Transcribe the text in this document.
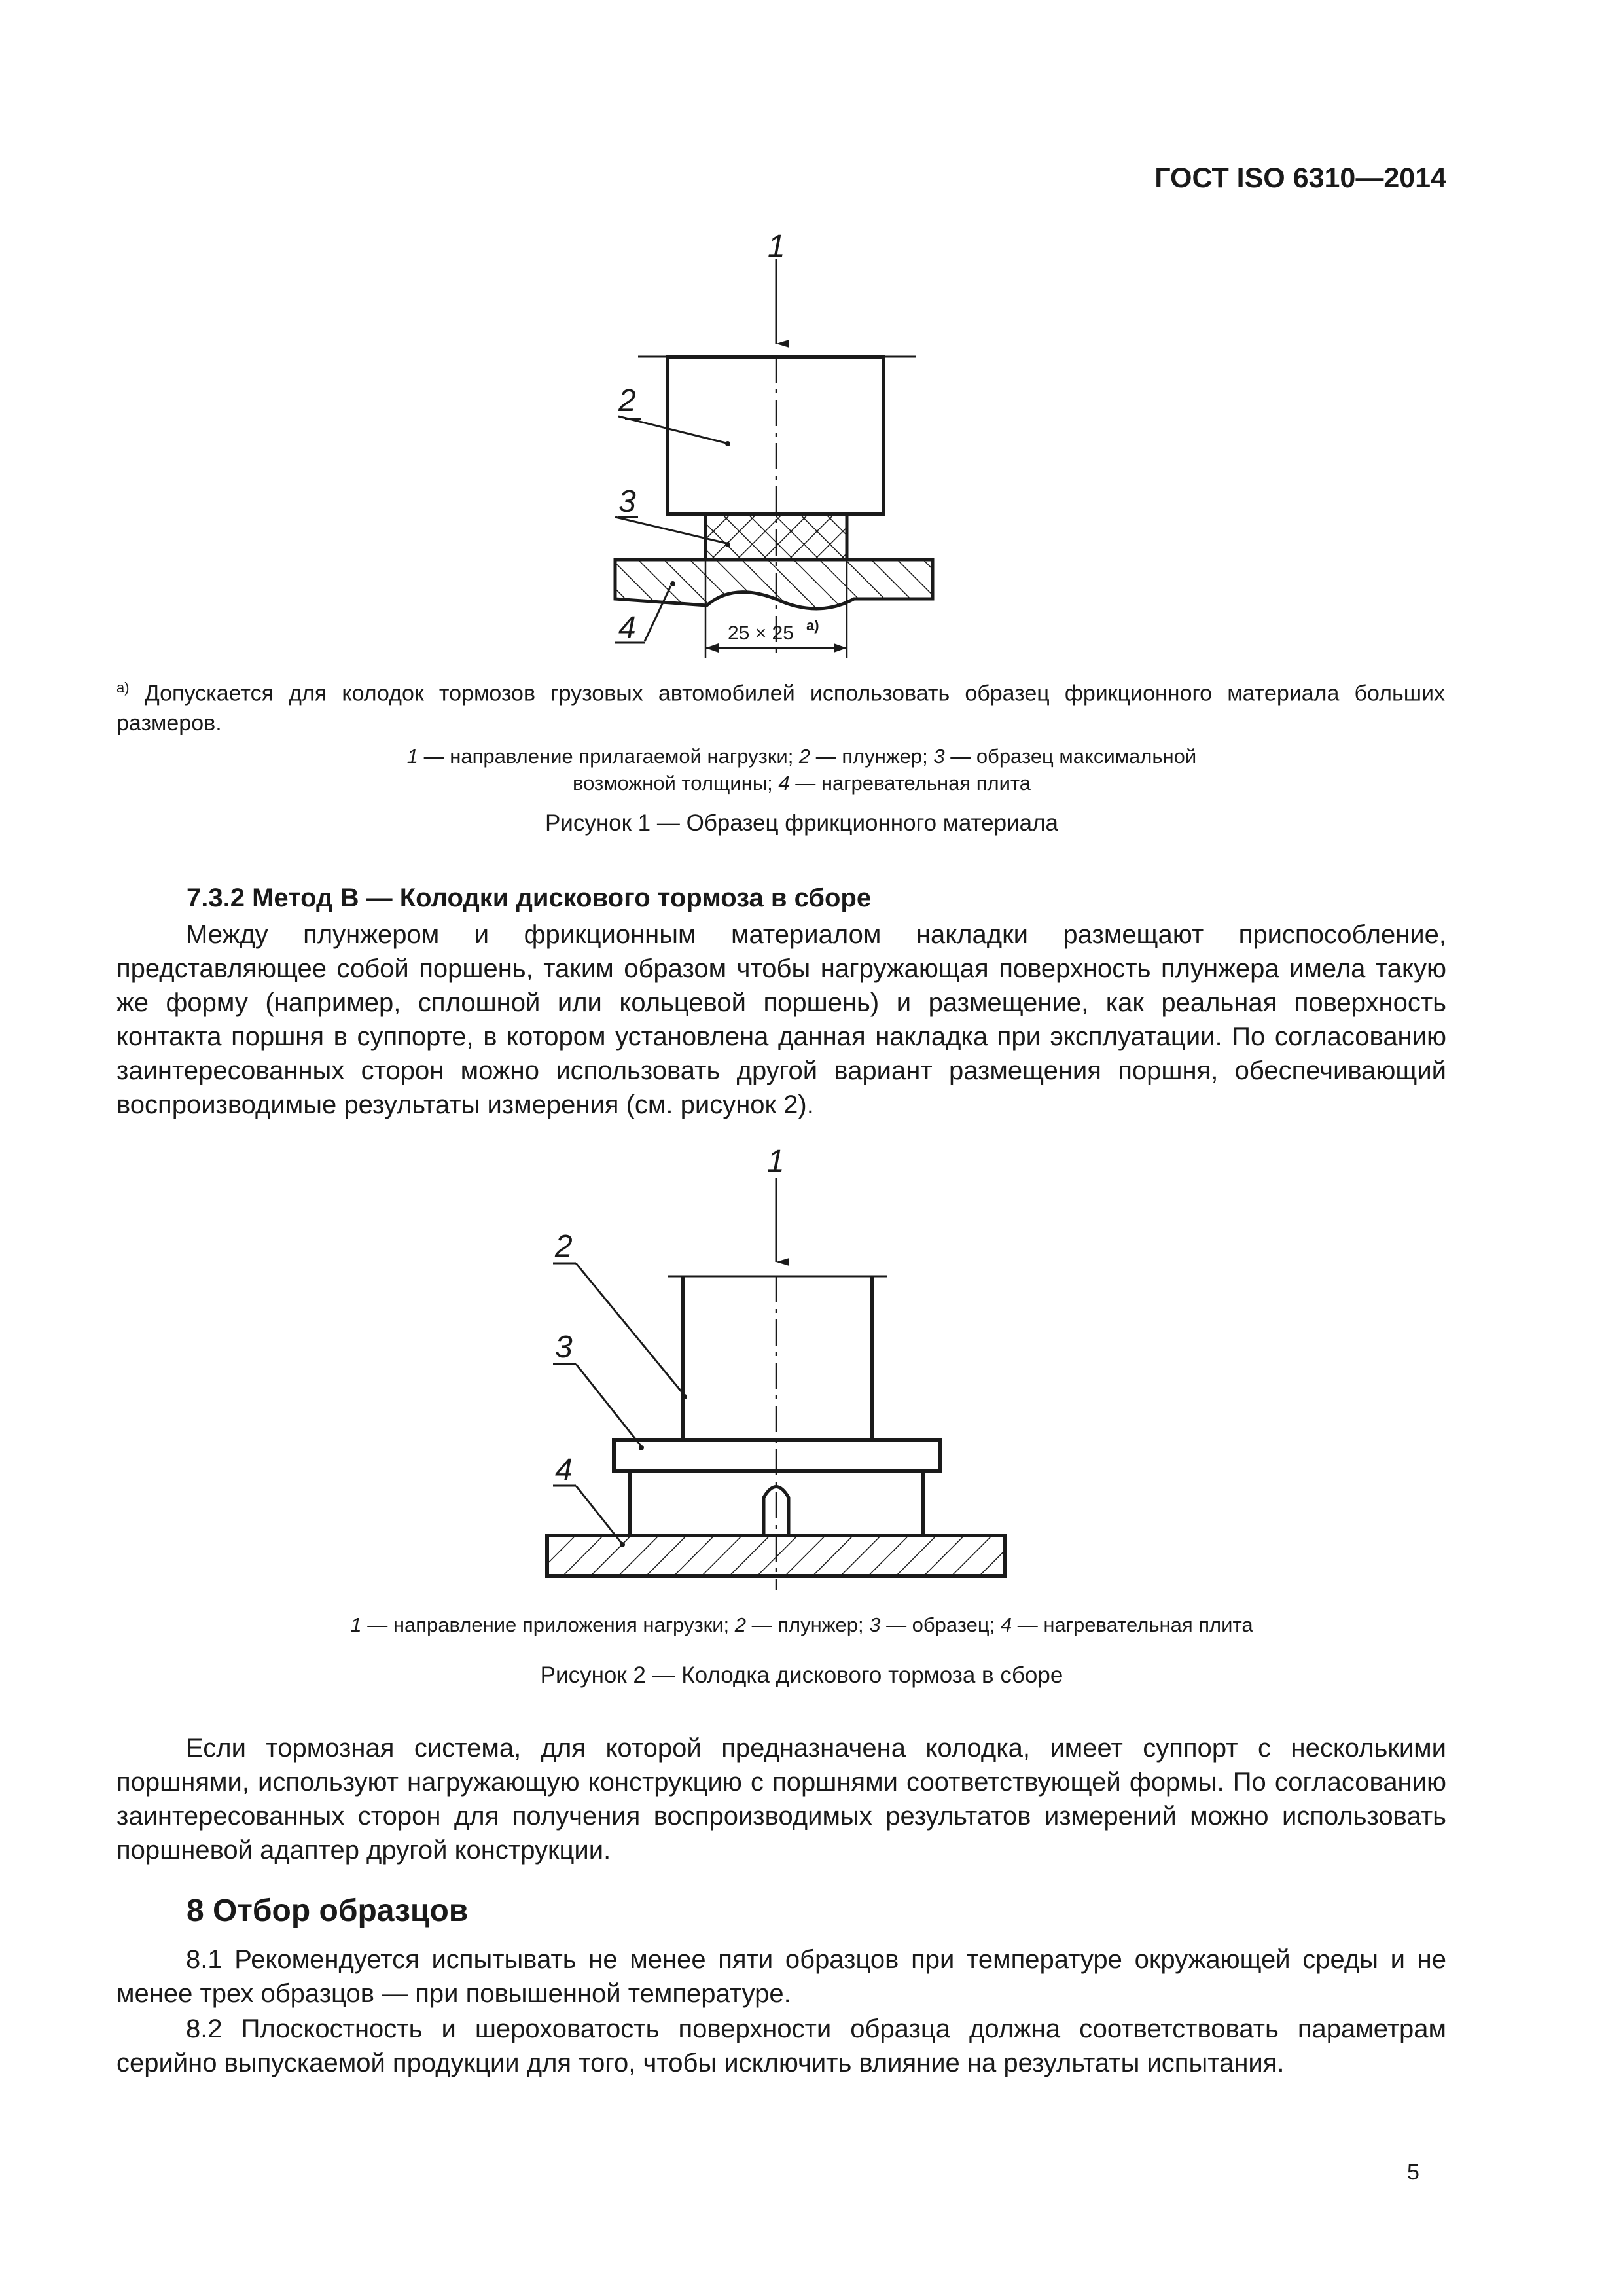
ГОСТ ISO 6310—2014
25 × 25 a)
1
2
3
4
1
2
3
4
$^{a)}$ Допускается для колодок тормозов грузовых автомобилей использовать образец фрикционного материала больших размеров.
1 — направление прилагаемой нагрузки; 2 — плунжер; 3 — образец максимальной
возможной толщины; 4 — нагревательная плита
Рисунок 1 — Образец фрикционного материала
7.3.2 Метод В — Колодки дискового тормоза в сборе
Между плунжером и фрикционным материалом накладки размещают приспособление, представляющее собой поршень, таким образом чтобы нагружающая поверхность плунжера имела такую же форму (например, сплошной или кольцевой поршень) и размещение, как реальная поверхность контакта поршня в суппорте, в котором установлена данная накладка при эксплуатации. По согласованию заинтересованных сторон можно использовать другой вариант размещения поршня, обеспечивающий воспроизводимые результаты измерения (см. рисунок 2).
1 — направление приложения нагрузки; 2 — плунжер; 3 — образец; 4 — нагревательная плита
Рисунок 2 — Колодка дискового тормоза в сборе
Если тормозная система, для которой предназначена колодка, имеет суппорт с несколькими поршнями, используют нагружающую конструкцию с поршнями соответствующей формы. По согласованию заинтересованных сторон для получения воспроизводимых результатов измерений можно использовать поршневой адаптер другой конструкции.
8 Отбор образцов
8.1 Рекомендуется испытывать не менее пяти образцов при температуре окружающей среды и не менее трех образцов — при повышенной температуре.
8.2 Плоскостность и шероховатость поверхности образца должна соответствовать параметрам серийно выпускаемой продукции для того, чтобы исключить влияние на результаты испытания.
5
